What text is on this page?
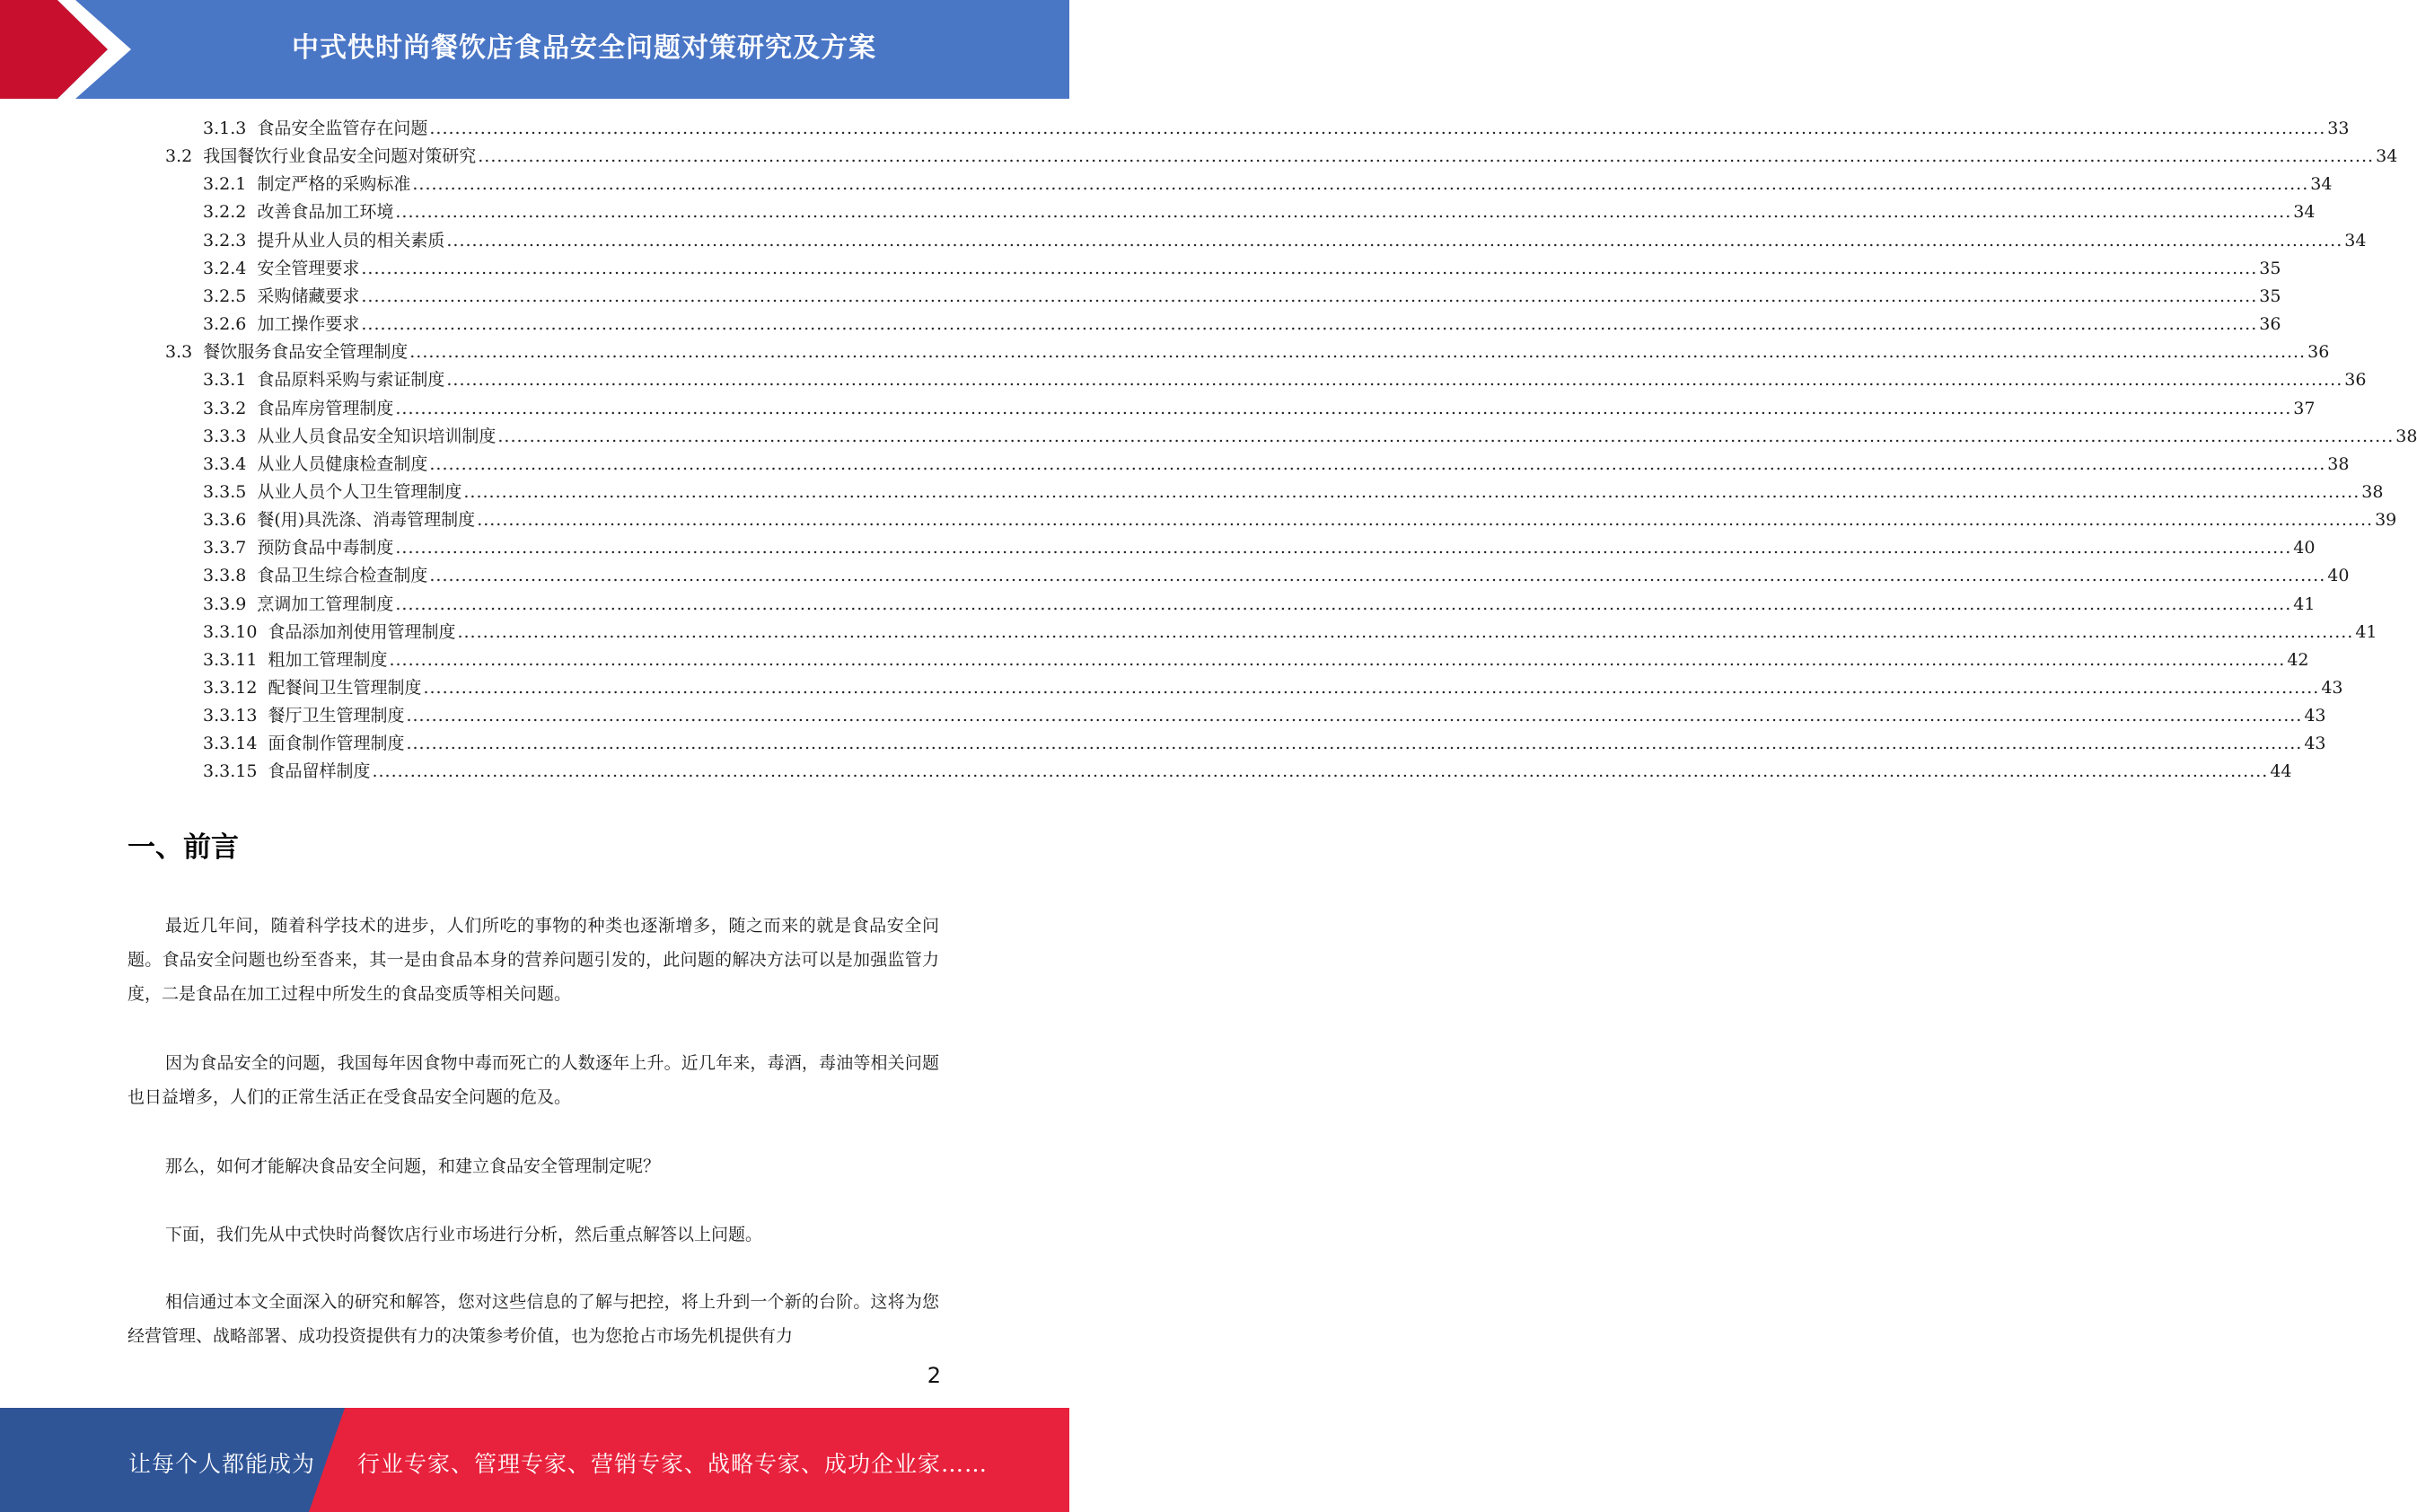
中式快时尚餐饮店食品安全问题对策研究及方案
3.1.3 食品安全监管存在问题 ............................................................................................................................................................................................................................................................................................................ 33
3.2 我国餐饮行业食品安全问题对策研究 ............................................................................................................................................................................................................................................................................................................ 34
3.2.1 制定严格的采购标准 ............................................................................................................................................................................................................................................................................................................ 34
3.2.2 改善食品加工环境 ............................................................................................................................................................................................................................................................................................................ 34
3.2.3 提升从业人员的相关素质 ............................................................................................................................................................................................................................................................................................................ 34
3.2.4 安全管理要求 ............................................................................................................................................................................................................................................................................................................ 35
3.2.5 采购储藏要求 ............................................................................................................................................................................................................................................................................................................ 35
3.2.6 加工操作要求 ............................................................................................................................................................................................................................................................................................................ 36
3.3 餐饮服务食品安全管理制度 ............................................................................................................................................................................................................................................................................................................ 36
3.3.1 食品原料采购与索证制度 ............................................................................................................................................................................................................................................................................................................ 36
3.3.2 食品库房管理制度 ............................................................................................................................................................................................................................................................................................................ 37
3.3.3 从业人员食品安全知识培训制度 ............................................................................................................................................................................................................................................................................................................ 38
3.3.4 从业人员健康检查制度 ............................................................................................................................................................................................................................................................................................................ 38
3.3.5 从业人员个人卫生管理制度 ............................................................................................................................................................................................................................................................................................................ 38
3.3.6 餐(用)具洗涤、消毒管理制度 ............................................................................................................................................................................................................................................................................................................ 39
3.3.7 预防食品中毒制度 ............................................................................................................................................................................................................................................................................................................ 40
3.3.8 食品卫生综合检查制度 ............................................................................................................................................................................................................................................................................................................ 40
3.3.9 烹调加工管理制度 ............................................................................................................................................................................................................................................................................................................ 41
3.3.10 食品添加剂使用管理制度 ............................................................................................................................................................................................................................................................................................................ 41
3.3.11 粗加工管理制度 ............................................................................................................................................................................................................................................................................................................ 42
3.3.12 配餐间卫生管理制度 ............................................................................................................................................................................................................................................................................................................ 43
3.3.13 餐厅卫生管理制度 ............................................................................................................................................................................................................................................................................................................ 43
3.3.14 面食制作管理制度 ............................................................................................................................................................................................................................................................................................................ 43
3.3.15 食品留样制度 ............................................................................................................................................................................................................................................................................................................ 44
一、前言

最近几年间，随着科学技术的进步，人们所吃的事物的种类也逐渐增多，随之而来的就是食品安全问题。食品安全问题也纷至沓来，其一是由食品本身的营养问题引发的，此问题的解决方法可以是加强监管力度，二是食品在加工过程中所发生的食品变质等相关问题。

因为食品安全的问题，我国每年因食物中毒而死亡的人数逐年上升。近几年来，毒酒，毒油等相关问题也日益增多，人们的正常生活正在受食品安全问题的危及。

那么，如何才能解决食品安全问题，和建立食品安全管理制定呢？

下面，我们先从中式快时尚餐饮店行业市场进行分析，然后重点解答以上问题。

相信通过本文全面深入的研究和解答，您对这些信息的了解与把控，将上升到一个新的台阶。这将为您经营管理、战略部署、成功投资提供有力的决策参考价值，也为您抢占市场先机提供有力

2
让每个人都能成为 行业专家、管理专家、营销专家、战略专家、成功企业家……
